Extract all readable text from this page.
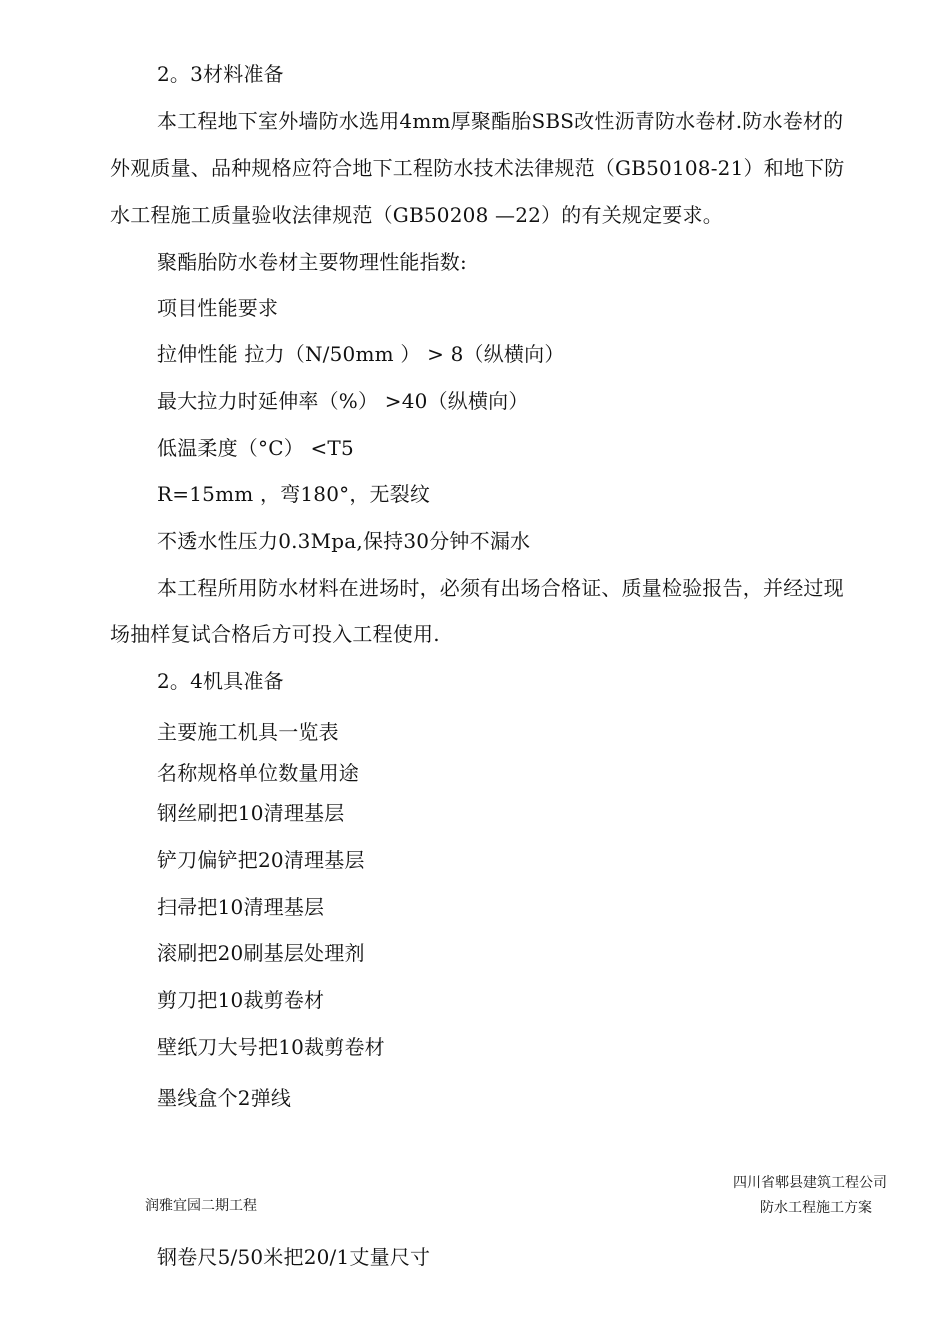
2。3材料准备
本工程地下室外墙防水选用4mm厚聚酯胎SBS改性沥青防水卷材.防水卷材的
外观质量、品种规格应符合地下工程防水技术法律规范（GB50108-21）和地下防
水工程施工质量验收法律规范（GB50208 —22）的有关规定要求。
聚酯胎防水卷材主要物理性能指数:
项目性能要求
拉伸性能 拉力（N/50mm ） > 8（纵横向）
最大拉力时延伸率（%） >40（纵横向）
低温柔度（°C） <T5
R=15mm ，弯180°，无裂纹
不透水性压力0.3Mpa,保持30分钟不漏水
本工程所用防水材料在进场时，必须有出场合格证、质量检验报告，并经过现
场抽样复试合格后方可投入工程使用.
2。4机具准备
主要施工机具一览表
名称规格单位数量用途
钢丝刷把10清理基层
铲刀偏铲把20清理基层
扫帚把10清理基层
滚刷把20刷基层处理剂
剪刀把10裁剪卷材
壁纸刀大号把10裁剪卷材
墨线盒个2弹线
四川省郫县建筑工程公司
润雅宜园二期工程	防水工程施工方案
钢卷尺5/50米把20/1丈量尺寸
